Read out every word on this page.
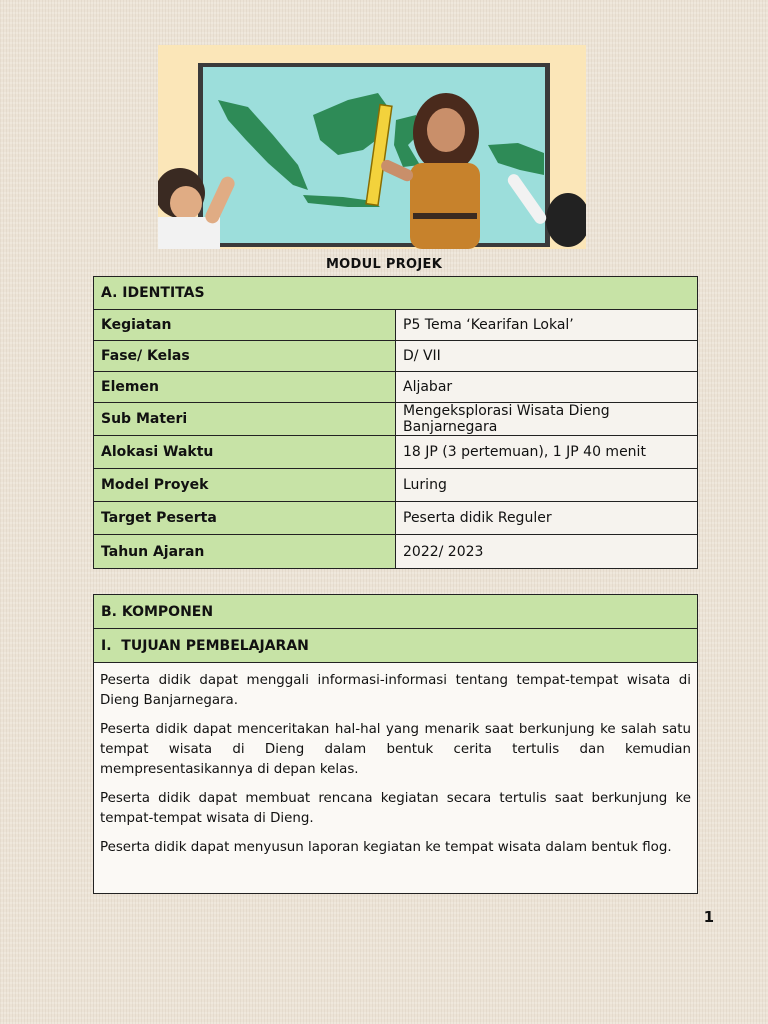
MODUL PROJEK
A. IDENTITAS	
Kegiatan	P5 Tema ‘Kearifan Lokal’
Fase/ Kelas	D/ VII
Elemen	Aljabar
Sub Materi	Mengeksplorasi Wisata Dieng Banjarnegara
Alokasi Waktu	18 JP (3 pertemuan), 1 JP 40 menit
Model Proyek	Luring
Target Peserta	Peserta didik Reguler
Tahun Ajaran	2022/ 2023
B. KOMPONEN
I.  TUJUAN PEMBELAJARAN

Peserta didik dapat menggali informasi-informasi tentang tempat-tempat wisata di Dieng Banjarnegara.

Peserta didik dapat menceritakan hal-hal yang menarik saat berkunjung ke salah satu tempat wisata di Dieng dalam bentuk cerita tertulis dan kemudian mempresentasikannya di depan kelas.

Peserta didik dapat membuat rencana kegiatan secara tertulis saat berkunjung ke tempat-tempat wisata di Dieng.

Peserta didik dapat menyusun laporan kegiatan ke tempat wisata dalam bentuk flog.

1
